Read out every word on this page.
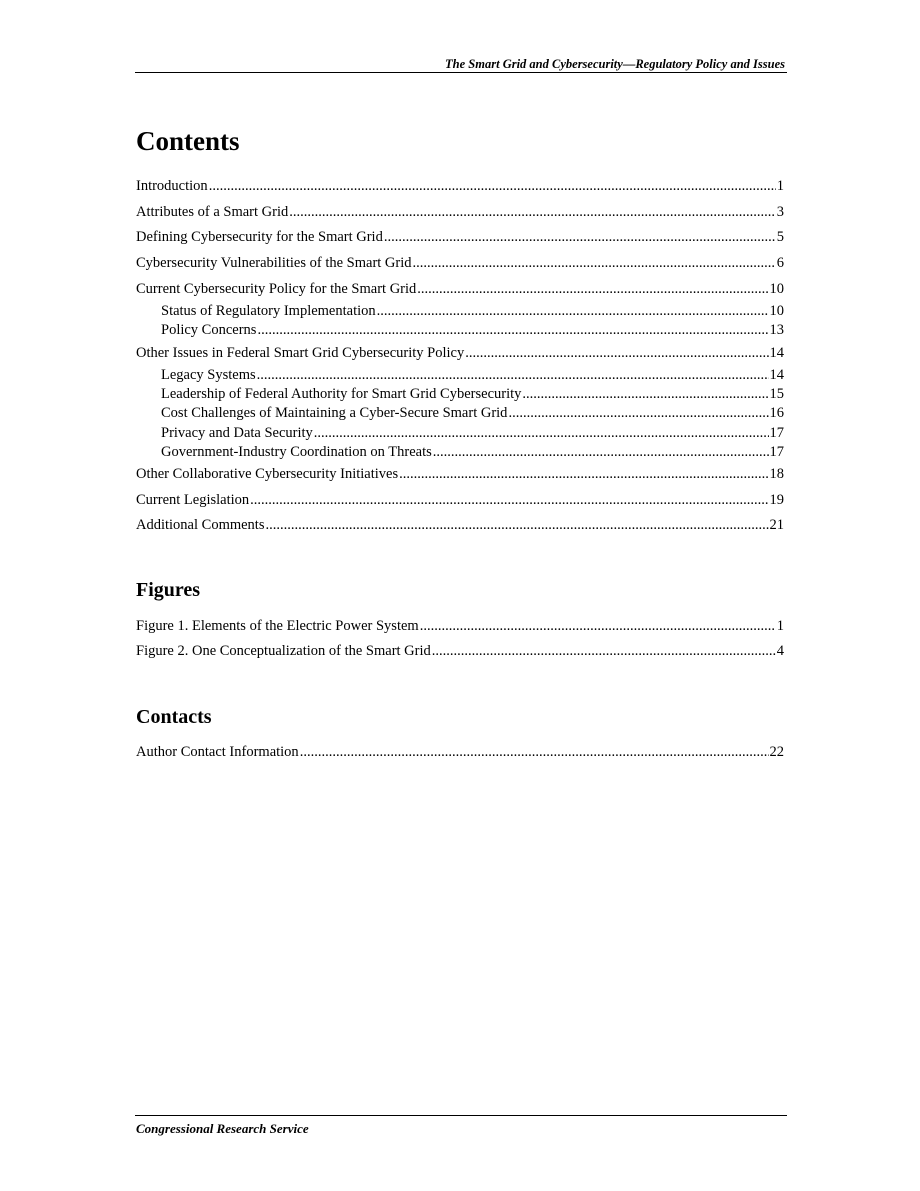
The Smart Grid and Cybersecurity—Regulatory Policy and Issues
Contents
Introduction .....	1
Attributes of a Smart Grid .....	3
Defining Cybersecurity for the Smart Grid .....	5
Cybersecurity Vulnerabilities of the Smart Grid .....	6
Current Cybersecurity Policy for the Smart Grid .....	10
Status of Regulatory Implementation .....	10
Policy Concerns .....	13
Other Issues in Federal Smart Grid Cybersecurity Policy .....	14
Legacy Systems .....	14
Leadership of Federal Authority for Smart Grid Cybersecurity .....	15
Cost Challenges of Maintaining a Cyber-Secure Smart Grid .....	16
Privacy and Data Security .....	17
Government-Industry Coordination on Threats .....	17
Other Collaborative Cybersecurity Initiatives .....	18
Current Legislation .....	19
Additional Comments .....	21
Figures
Figure 1. Elements of the Electric Power System .....	1
Figure 2. One Conceptualization of the Smart Grid .....	4
Contacts
Author Contact Information .....	22
Congressional Research Service
